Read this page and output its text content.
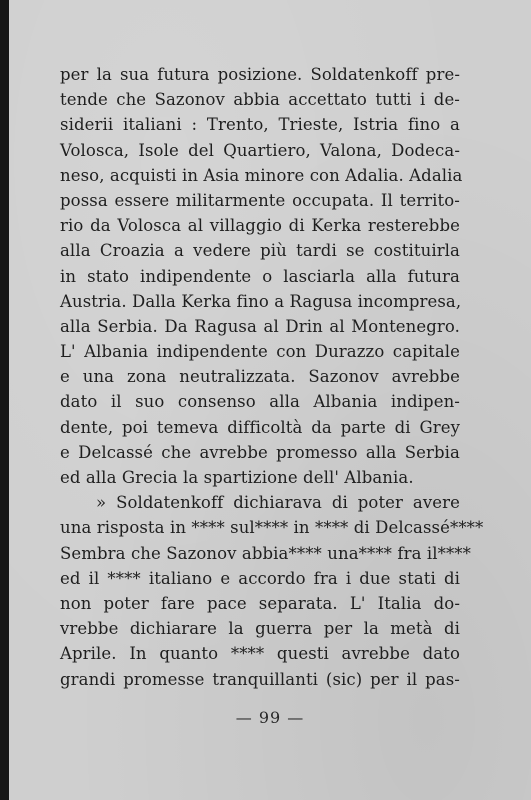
per la sua futura posizione. Soldatenkoff pre-
tende che Sazonov abbia accettato tutti i de-
siderii italiani : Trento, Trieste, Istria fino a
Volosca, Isole del Quartiero, Valona, Dodeca-
neso, acquisti in Asia minore con Adalia. Adalia
possa essere militarmente occupata. Il territo-
rio da Volosca al villaggio di Kerka resterebbe
alla Croazia a vedere più tardi se costituirla
in stato indipendente o lasciarla alla futura
Austria. Dalla Kerka fino a Ragusa incompresa,
alla Serbia. Da Ragusa al Drin al Montenegro.
L' Albania indipendente con Durazzo capitale
e una zona neutralizzata. Sazonov avrebbe
dato il suo consenso alla Albania indipen-
dente, poi temeva difficoltà da parte di Grey
e Delcassé che avrebbe promesso alla Serbia
ed alla Grecia la spartizione dell' Albania.
» Soldatenkoff dichiarava di poter avere
una risposta in **** sul**** in **** di Delcassé****
Sembra che Sazonov abbia**** una**** fra il****
ed il **** italiano e accordo fra i due stati di
non poter fare pace separata. L' Italia do-
vrebbe dichiarare la guerra per la metà di
Aprile. In quanto **** questi avrebbe dato
grandi promesse tranquillanti (sic) per il pas-
— 99 —
